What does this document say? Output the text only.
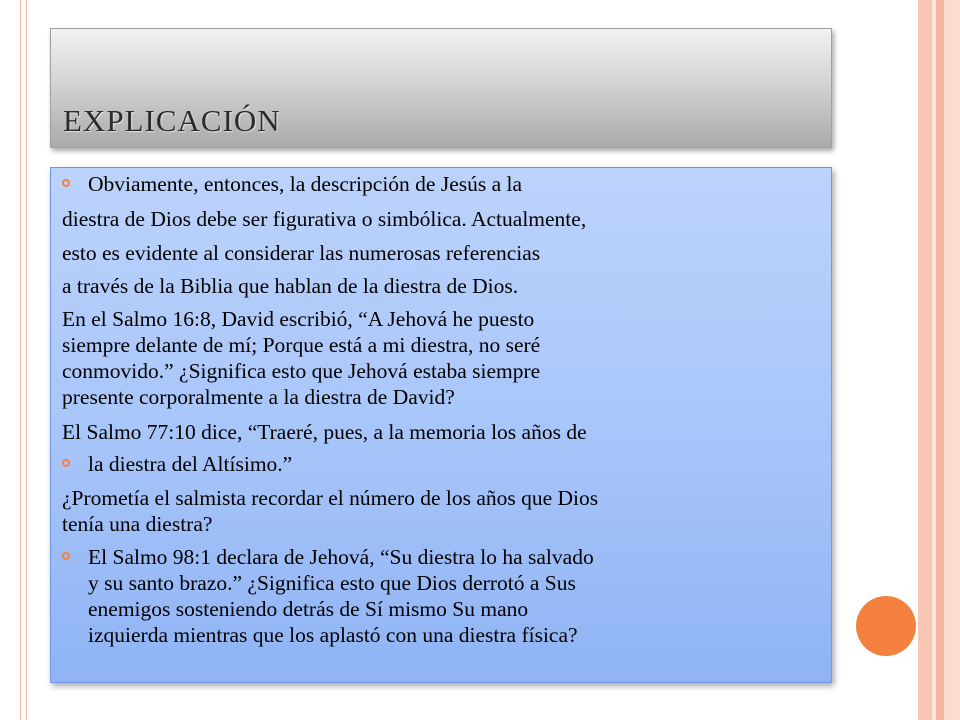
EXPLICACIÓN

Obviamente, entonces, la descripción de Jesús a la

diestra de Dios debe ser figurativa o simbólica. Actualmente,

esto es evidente al considerar las numerosas referencias

a través de la Biblia que hablan de la diestra de Dios.

En el Salmo 16:8, David escribió, “A Jehová he puesto

siempre delante de mí; Porque está a mi diestra, no seré

conmovido.” ¿Significa esto que Jehová estaba siempre

presente corporalmente a la diestra de David?

El Salmo 77:10 dice, “Traeré, pues, a la memoria los años de

la diestra del Altísimo.”

¿Prometía el salmista recordar el número de los años que Dios

tenía una diestra?

El Salmo 98:1 declara de Jehová, “Su diestra lo ha salvado

y su santo brazo.” ¿Significa esto que Dios derrotó a Sus

enemigos sosteniendo detrás de Sí mismo Su mano

izquierda mientras que los aplastó con una diestra física?
